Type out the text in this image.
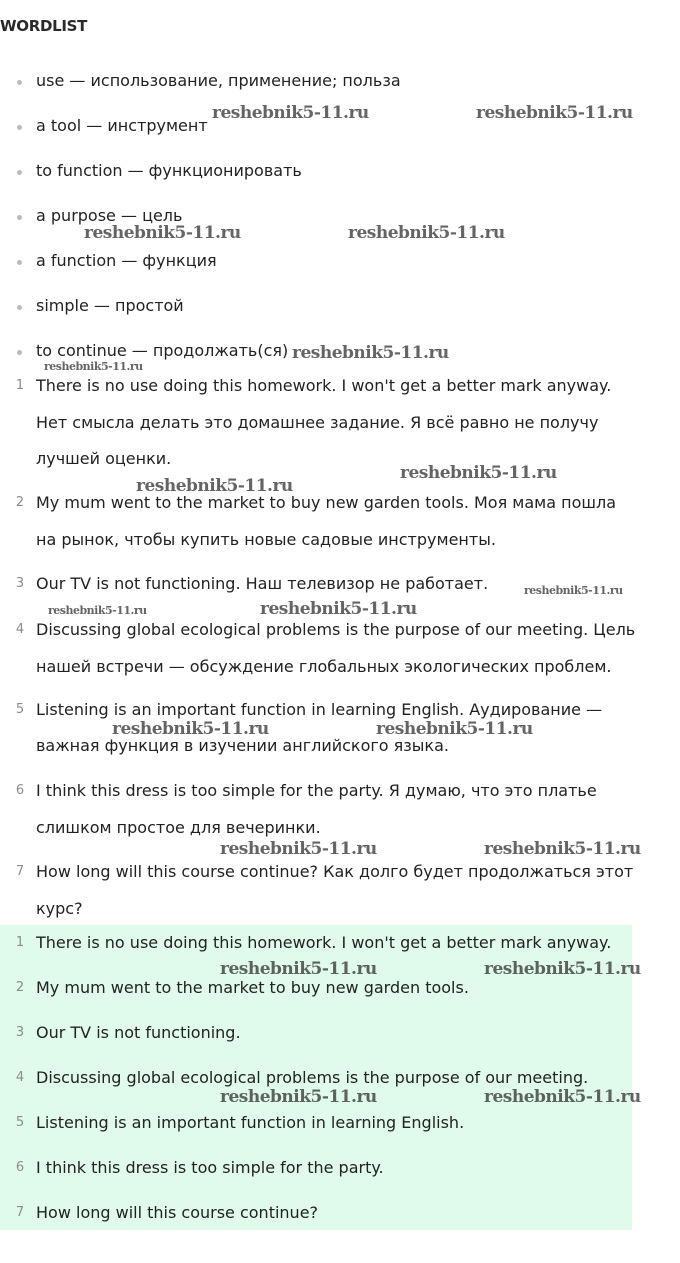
WORDLIST
use — использование, применение; польза
a tool — инструмент
to function — функционировать
a purpose — цель
a function — функция
simple — простой
to continue — продолжать(ся)
1 There is no use doing this homework. I won't get a better mark anyway. Нет смысла делать это домашнее задание. Я всё равно не получу лучшей оценки.
2 My mum went to the market to buy new garden tools. Моя мама пошла на рынок, чтобы купить новые садовые инструменты.
3 Our TV is not functioning. Наш телевизор не работает.
4 Discussing global ecological problems is the purpose of our meeting. Цель нашей встречи — обсуждение глобальных экологических проблем.
5 Listening is an important function in learning English. Аудирование — важная функция в изучении английского языка.
6 I think this dress is too simple for the party. Я думаю, что это платье слишком простое для вечеринки.
7 How long will this course continue? Как долго будет продолжаться этот курс?
1 There is no use doing this homework. I won't get a better mark anyway.
2 My mum went to the market to buy new garden tools.
3 Our TV is not functioning.
4 Discussing global ecological problems is the purpose of our meeting.
5 Listening is an important function in learning English.
6 I think this dress is too simple for the party.
7 How long will this course continue?
reshebnik5-11.ru	reshebnik5-11.ru
reshebnik5-11.ru	reshebnik5-11.ru
reshebnik5-11.ru
reshebnik5-11.ru
reshebnik5-11.ru
reshebnik5-11.ru
reshebnik5-11.ru
reshebnik5-11.ru	reshebnik5-11.ru
reshebnik5-11.ru	reshebnik5-11.ru
reshebnik5-11.ru	reshebnik5-11.ru
reshebnik5-11.ru	reshebnik5-11.ru
reshebnik5-11.ru	reshebnik5-11.ru
